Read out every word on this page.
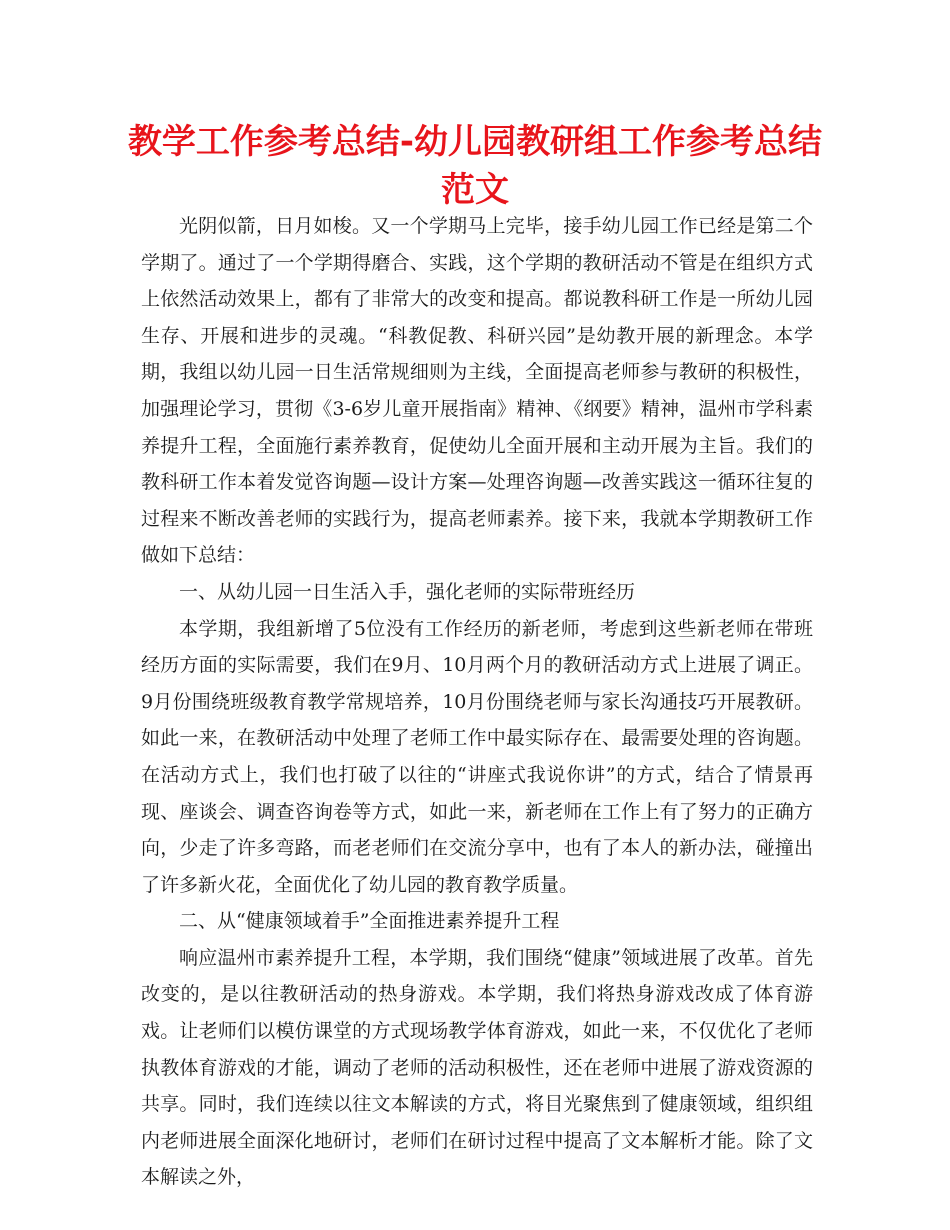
教学工作参考总结-幼儿园教研组工作参考总结范文

光阴似箭，日月如梭。又一个学期马上完毕，接手幼儿园工作已经是第二个学期了。通过了一个学期得磨合、实践，这个学期的教研活动不管是在组织方式上依然活动效果上，都有了非常大的改变和提高。都说教科研工作是一所幼儿园生存、开展和进步的灵魂。“科教促教、科研兴园”是幼教开展的新理念。本学期，我组以幼儿园一日生活常规细则为主线，全面提高老师参与教研的积极性，加强理论学习，贯彻《3-6岁儿童开展指南》精神、《纲要》精神，温州市学科素养提升工程，全面施行素养教育，促使幼儿全面开展和主动开展为主旨。我们的教科研工作本着发觉咨询题—设计方案—处理咨询题—改善实践这一循环往复的过程来不断改善老师的实践行为，提高老师素养。接下来，我就本学期教研工作做如下总结：

一、从幼儿园一日生活入手，强化老师的实际带班经历

本学期，我组新增了5位没有工作经历的新老师，考虑到这些新老师在带班经历方面的实际需要，我们在9月、10月两个月的教研活动方式上进展了调正。9月份围绕班级教育教学常规培养，10月份围绕老师与家长沟通技巧开展教研。如此一来，在教研活动中处理了老师工作中最实际存在、最需要处理的咨询题。在活动方式上，我们也打破了以往的“讲座式我说你讲”的方式，结合了情景再现、座谈会、调查咨询卷等方式，如此一来，新老师在工作上有了努力的正确方向，少走了许多弯路，而老老师们在交流分享中，也有了本人的新办法，碰撞出了许多新火花，全面优化了幼儿园的教育教学质量。

二、从“健康领域着手”全面推进素养提升工程

响应温州市素养提升工程，本学期，我们围绕“健康”领域进展了改革。首先改变的，是以往教研活动的热身游戏。本学期，我们将热身游戏改成了体育游戏。让老师们以模仿课堂的方式现场教学体育游戏，如此一来，不仅优化了老师执教体育游戏的才能，调动了老师的活动积极性，还在老师中进展了游戏资源的共享。同时，我们连续以往文本解读的方式，将目光聚焦到了健康领域，组织组内老师进展全面深化地研讨，老师们在研讨过程中提高了文本解析才能。除了文本解读之外，
